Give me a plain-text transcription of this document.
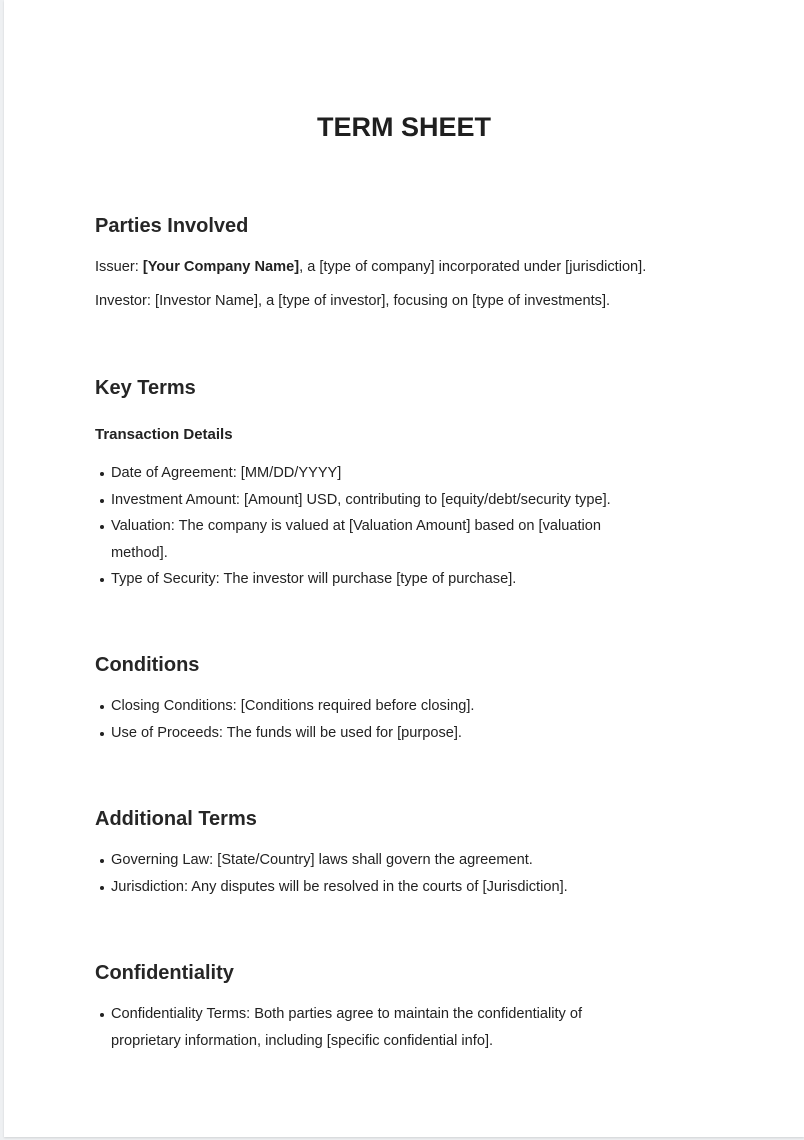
TERM SHEET
Parties Involved
Issuer: [Your Company Name], a [type of company] incorporated under [jurisdiction].
Investor: [Investor Name], a [type of investor], focusing on [type of investments].
Key Terms
Transaction Details
Date of Agreement: [MM/DD/YYYY]
Investment Amount: [Amount] USD, contributing to [equity/debt/security type].
Valuation: The company is valued at [Valuation Amount] based on [valuation method].
Type of Security: The investor will purchase [type of purchase].
Conditions
Closing Conditions: [Conditions required before closing].
Use of Proceeds: The funds will be used for [purpose].
Additional Terms
Governing Law: [State/Country] laws shall govern the agreement.
Jurisdiction: Any disputes will be resolved in the courts of [Jurisdiction].
Confidentiality
Confidentiality Terms: Both parties agree to maintain the confidentiality of proprietary information, including [specific confidential info].
